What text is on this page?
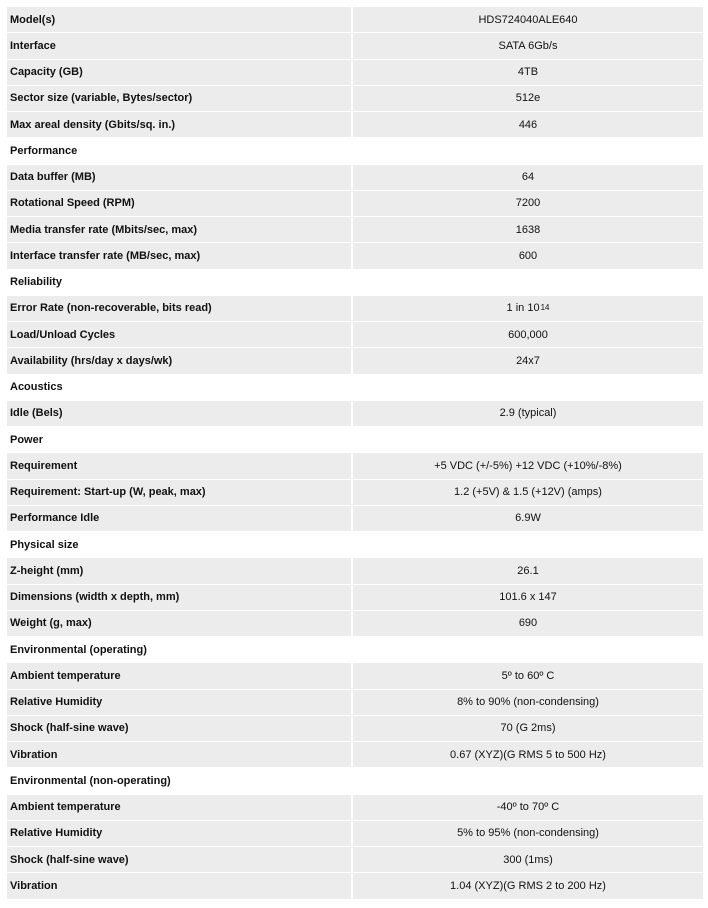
Model(s)	HDS724040ALE640
Interface	SATA 6Gb/s
Capacity (GB)	4TB
Sector size (variable, Bytes/sector)	512e
Max areal density (Gbits/sq. in.)	446
Performance
Data buffer (MB)	64
Rotational Speed (RPM)	7200
Media transfer rate (Mbits/sec, max)	1638
Interface transfer rate (MB/sec, max)	600
Reliability
Error Rate (non-recoverable, bits read)	1 in 10 14
Load/Unload Cycles	600,000
Availability (hrs/day x days/wk)	24x7
Acoustics
Idle (Bels)	2.9 (typical)
Power
Requirement	+5 VDC (+/-5%) +12 VDC (+10%/-8%)
Requirement: Start-up (W, peak, max)	1.2 (+5V) & 1.5 (+12V) (amps)
Performance Idle	6.9W
Physical size
Z-height (mm)	26.1
Dimensions (width x depth, mm)	101.6 x 147
Weight (g, max)	690
Environmental (operating)
Ambient temperature	5º to 60º C
Relative Humidity	8% to 90% (non-condensing)
Shock (half-sine wave)	70 (G 2ms)
Vibration	0.67 (XYZ)(G RMS 5 to 500 Hz)
Environmental (non-operating)
Ambient temperature	-40º to 70º C
Relative Humidity	5% to 95% (non-condensing)
Shock (half-sine wave)	300 (1ms)
Vibration	1.04 (XYZ)(G RMS 2 to 200 Hz)
